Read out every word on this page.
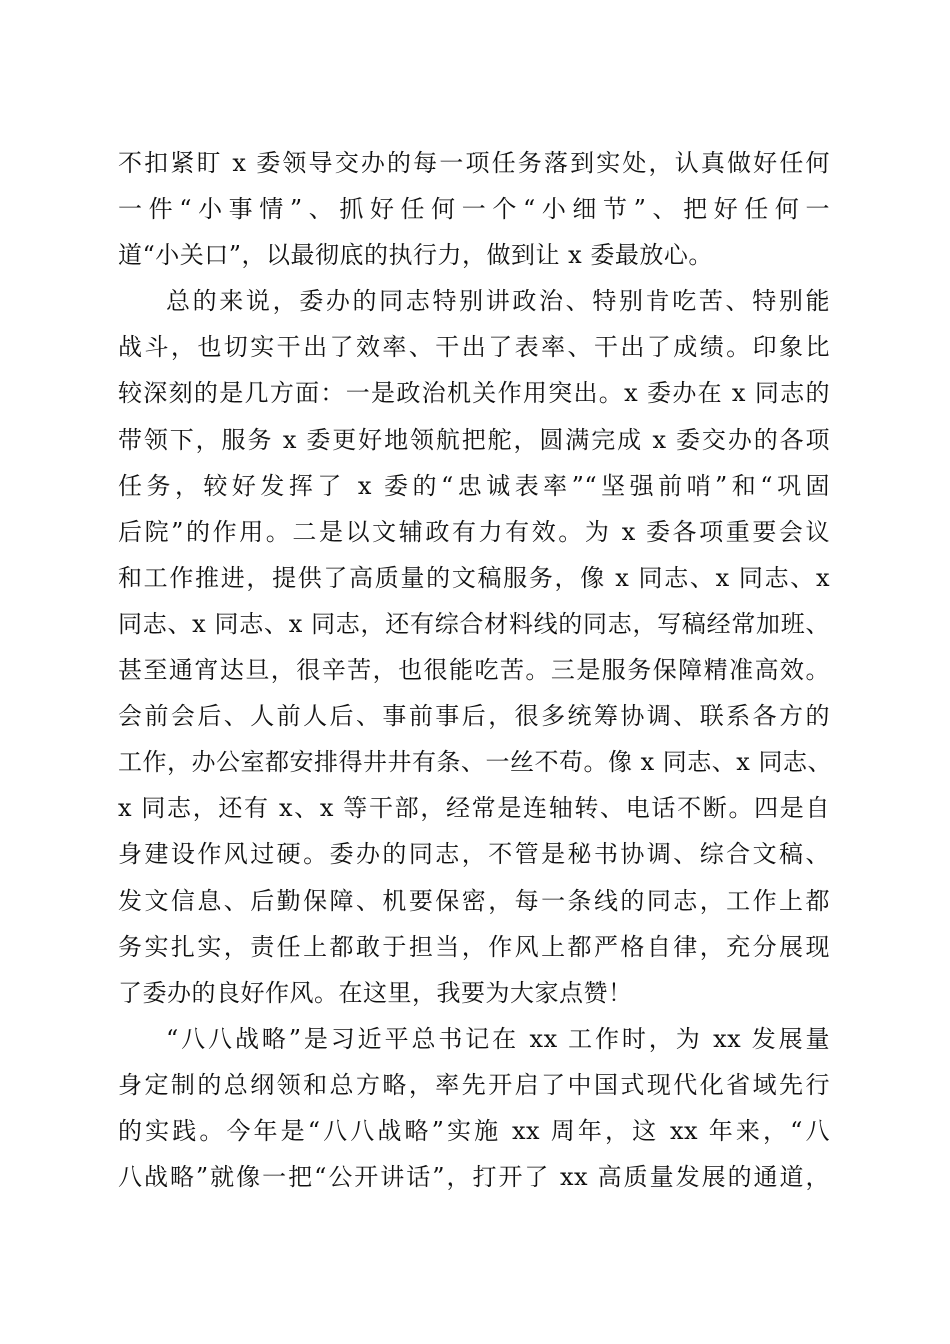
不扣紧盯 x 委领导交办的每一项任务落到实处，认真做好任何
一件“小事情”、抓好任何一个“小细节”、把好任何一
道“小关口”，以最彻底的执行力，做到让 x 委最放心。
总的来说，委办的同志特别讲政治、特别肯吃苦、特别能
战斗，也切实干出了效率、干出了表率、干出了成绩。印象比
较深刻的是几方面：一是政治机关作用突出。x 委办在 x 同志的
带领下，服务 x 委更好地领航把舵，圆满完成 x 委交办的各项
任务，较好发挥了 x 委的“忠诚表率”“坚强前哨”和“巩固
后院”的作用。二是以文辅政有力有效。为 x 委各项重要会议
和工作推进，提供了高质量的文稿服务，像 x 同志、x 同志、x
同志、x 同志、x 同志，还有综合材料线的同志，写稿经常加班、
甚至通宵达旦，很辛苦，也很能吃苦。三是服务保障精准高效。
会前会后、人前人后、事前事后，很多统筹协调、联系各方的
工作，办公室都安排得井井有条、一丝不苟。像 x 同志、x 同志、
x 同志，还有 x、x 等干部，经常是连轴转、电话不断。四是自
身建设作风过硬。委办的同志，不管是秘书协调、综合文稿、
发文信息、后勤保障、机要保密，每一条线的同志，工作上都
务实扎实，责任上都敢于担当，作风上都严格自律，充分展现
了委办的良好作风。在这里，我要为大家点赞！
“八八战略”是习近平总书记在 xx 工作时，为 xx 发展量
身定制的总纲领和总方略，率先开启了中国式现代化省域先行
的实践。今年是“八八战略”实施 xx 周年，这 xx 年来，“八
八战略”就像一把“公开讲话”，打开了 xx 高质量发展的通道，
